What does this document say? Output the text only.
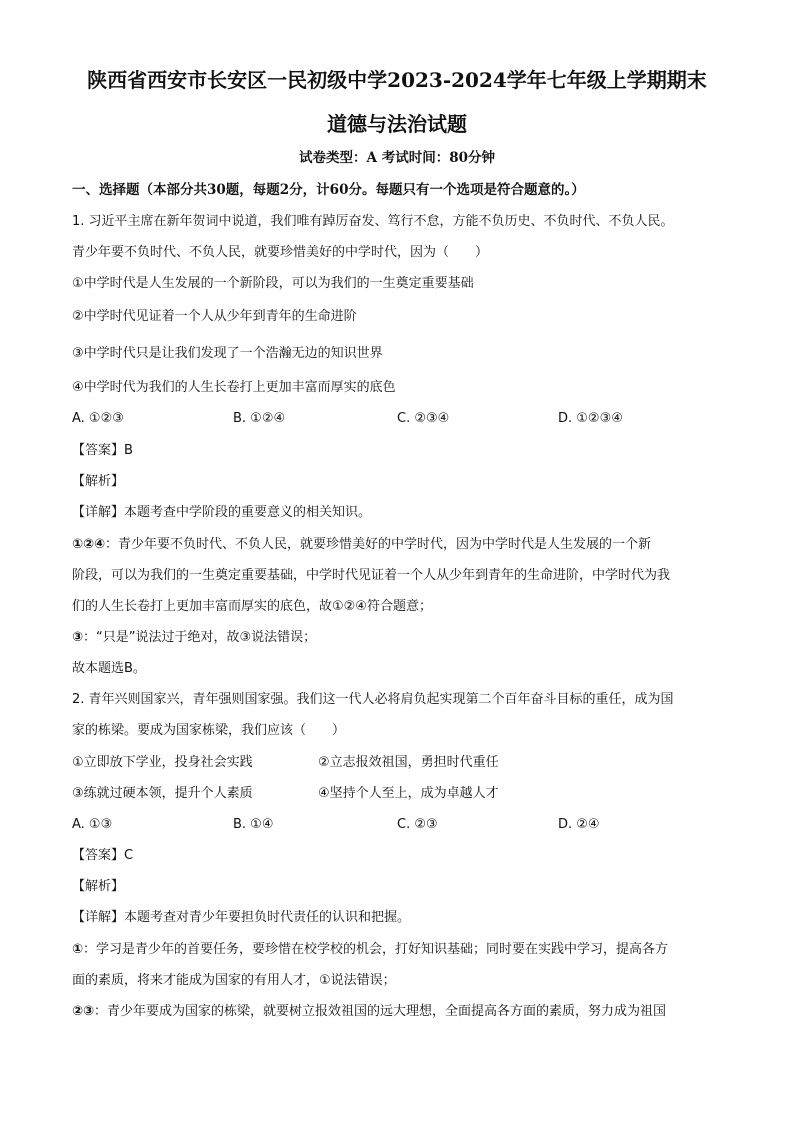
陕西省西安市长安区一民初级中学2023-2024学年七年级上学期期末
道德与法治试题
试卷类型：A 考试时间：80分钟
一、选择题（本部分共30题，每题2分，计60分。每题只有一个选项是符合题意的。）
1. 习近平主席在新年贺词中说道，我们唯有踔厉奋发、笃行不怠，方能不负历史、不负时代、不负人民。
青少年要不负时代、不负人民，就要珍惜美好的中学时代，因为（　　）
①中学时代是人生发展的一个新阶段，可以为我们的一生奠定重要基础
②中学时代见证着一个人从少年到青年的生命进阶
③中学时代只是让我们发现了一个浩瀚无边的知识世界
④中学时代为我们的人生长卷打上更加丰富而厚实的底色
A. ①②③	B. ①②④	C. ②③④	D. ①②③④
【答案】B
【解析】
【详解】本题考查中学阶段的重要意义的相关知识。
①②④：青少年要不负时代、不负人民，就要珍惜美好的中学时代，因为中学时代是人生发展的一个新
阶段，可以为我们的一生奠定重要基础，中学时代见证着一个人从少年到青年的生命进阶，中学时代为我
们的人生长卷打上更加丰富而厚实的底色，故①②④符合题意；
③：“只是”说法过于绝对，故③说法错误；
故本题选B。
2. 青年兴则国家兴，青年强则国家强。我们这一代人必将肩负起实现第二个百年奋斗目标的重任，成为国
家的栋梁。要成为国家栋梁，我们应该（　　）
①立即放下学业，投身社会实践	②立志报效祖国，勇担时代重任
③练就过硬本领，提升个人素质	④坚持个人至上，成为卓越人才
A. ①③	B. ①④	C. ②③	D. ②④
【答案】C
【解析】
【详解】本题考查对青少年要担负时代责任的认识和把握。
①：学习是青少年的首要任务，要珍惜在校学校的机会，打好知识基础；同时要在实践中学习，提高各方
面的素质，将来才能成为国家的有用人才，①说法错误；
②③：青少年要成为国家的栋梁，就要树立报效祖国的远大理想，全面提高各方面的素质，努力成为祖国
